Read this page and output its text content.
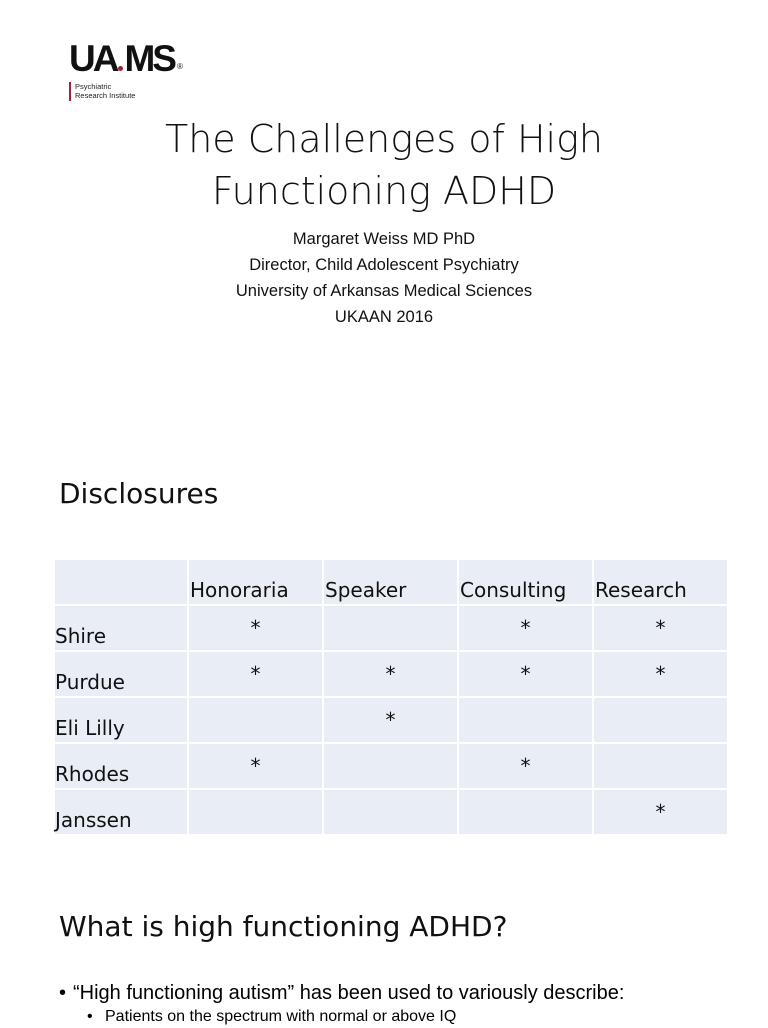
UA MS ®
Psychiatric
Research Institute
The Challenges of High
Functioning ADHD
Margaret Weiss MD PhD
Director, Child Adolescent Psychiatry
University of Arkansas Medical Sciences
UKAAN 2016
Disclosures
	Honoraria	Speaker	Consulting	Research
Shire	*		*	*
Purdue	*	*	*	*
Eli Lilly		*		
Rhodes	*		*	
Janssen				*
What is high functioning ADHD?
• “High functioning autism” has been used to variously describe:
• Patients on the spectrum with normal or above IQ
